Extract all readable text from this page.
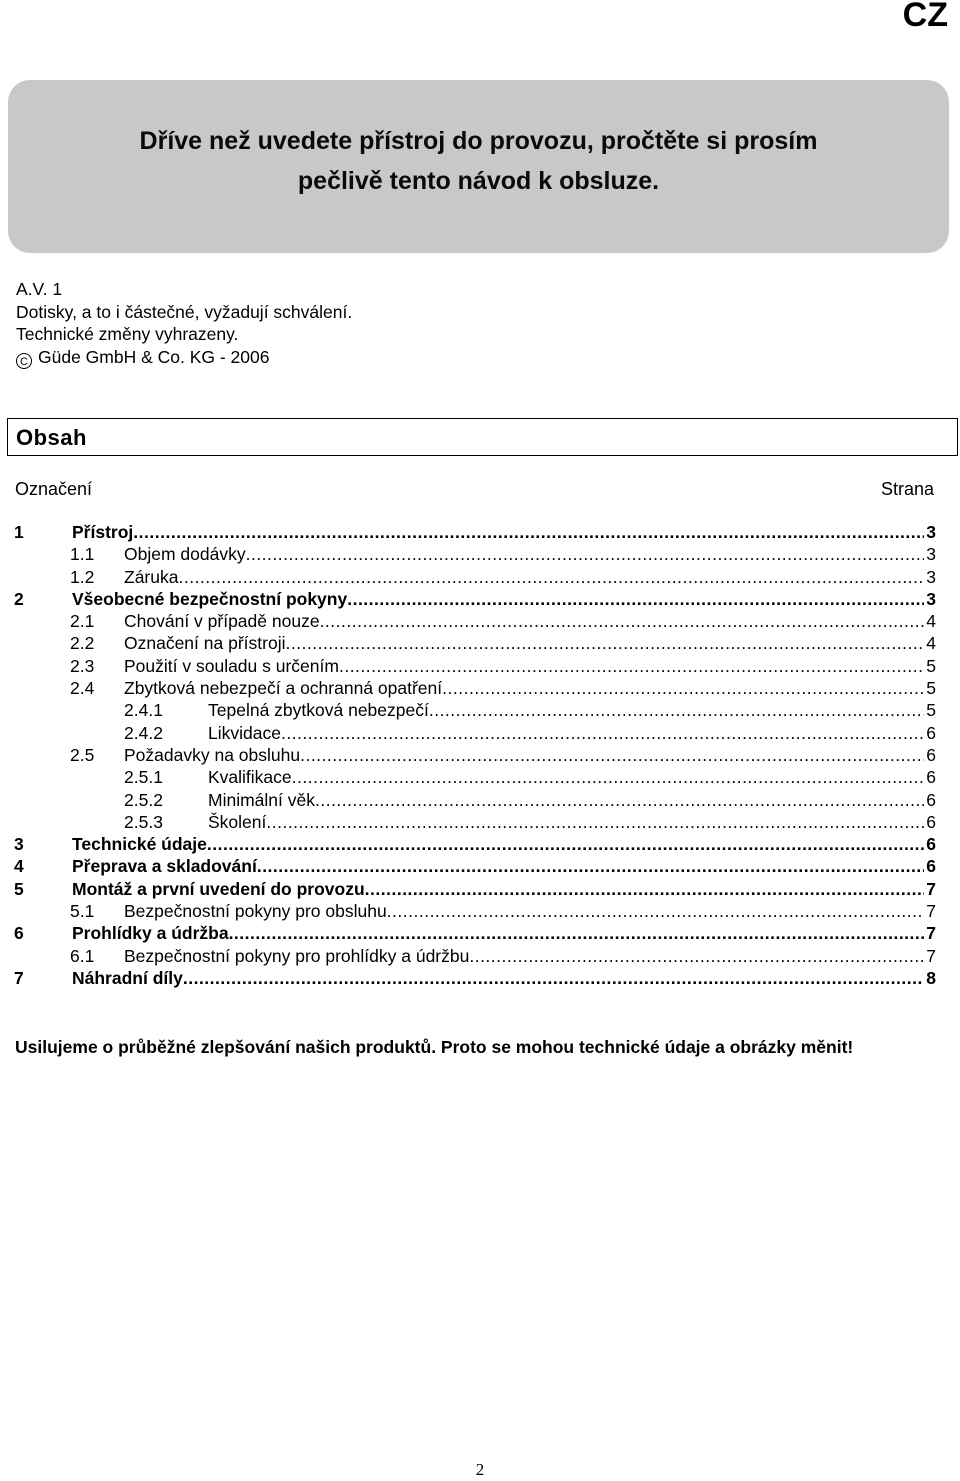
CZ
Dříve než uvedete přístroj do provozu, pročtěte si prosím
pečlivě tento návod k obsluze.
A.V. 1
Dotisky, a to i částečné, vyžadují schválení.
Technické změny vyhrazeny.
C Güde GmbH & Co. KG - 2006
Obsah
Označení	Strana
1	Přístroj .....	3
1.1	Objem dodávky .....	3
1.2	Záruka .....	3
2	Všeobecné bezpečnostní pokyny .....	3
2.1	Chování v případě nouze .....	4
2.2	Označení na přístroji .....	4
2.3	Použití v souladu s určením .....	5
2.4	Zbytková nebezpečí a ochranná opatření .....	5
2.4.1	Tepelná zbytková nebezpečí .....	5
2.4.2	Likvidace .....	6
2.5	Požadavky na obsluhu .....	6
2.5.1	Kvalifikace .....	6
2.5.2	Minimální věk .....	6
2.5.3	Školení .....	6
3	Technické údaje .....	6
4	Přeprava a skladování .....	6
5	Montáž a první uvedení do provozu .....	7
5.1	Bezpečnostní pokyny pro obsluhu .....	7
6	Prohlídky a údržba .....	7
6.1	Bezpečnostní pokyny pro prohlídky a údržbu .....	7
7	Náhradní díly .....	8
Usilujeme o průběžné zlepšování našich produktů. Proto se mohou technické údaje a obrázky měnit!
2
